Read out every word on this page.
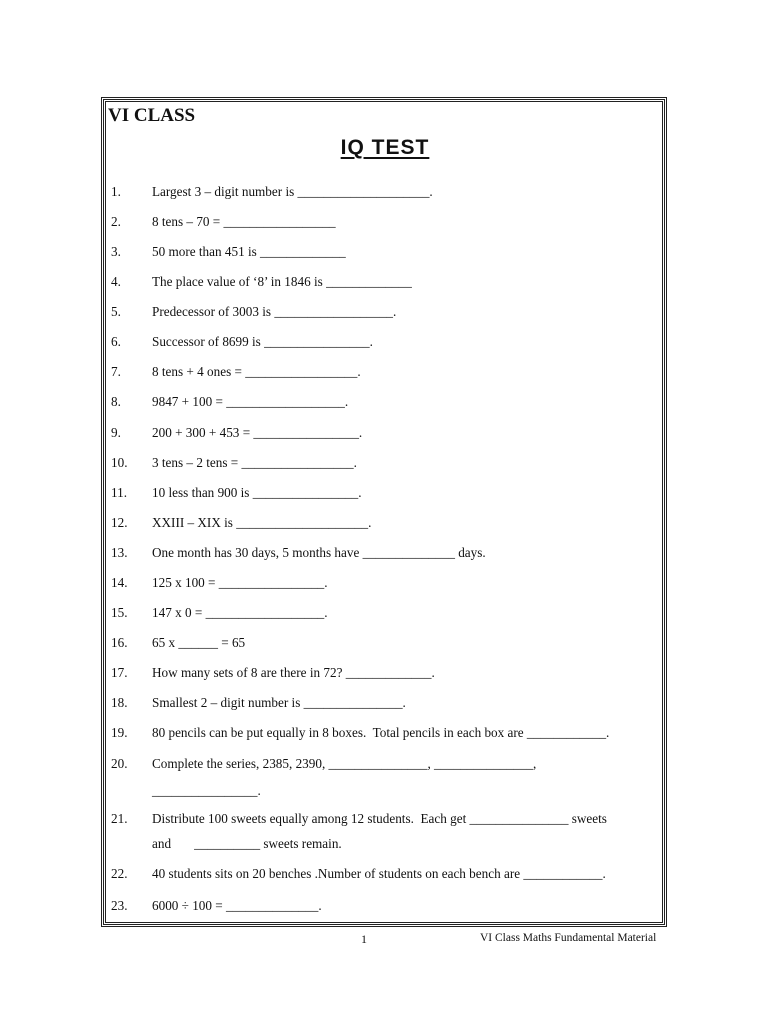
VI CLASS
IQ TEST
1. Largest 3 – digit number is ____________________.
2. 8 tens – 70 = _________________
3. 50 more than 451 is _____________
4. The place value of ‘8’ in 1846 is _____________
5. Predecessor of 3003 is __________________.
6. Successor of 8699 is ________________.
7. 8 tens + 4 ones = _________________.
8. 9847 + 100 = __________________.
9. 200 + 300 + 453 = ________________.
10. 3 tens – 2 tens = _________________.
11. 10 less than 900 is ________________.
12. XXIII – XIX is ____________________.
13. One month has 30 days, 5 months have ______________ days.
14. 125 x 100 = ________________.
15. 147 x 0 = __________________.
16. 65 x ______ = 65
17. How many sets of 8 are there in 72? _____________.
18. Smallest 2 – digit number is _______________.
19. 80 pencils can be put equally in 8 boxes.  Total pencils in each box are ____________.
20. Complete the series, 2385, 2390, _______________, _______________,
________________.
21. Distribute 100 sweets equally among 12 students.  Each get _______________ sweets
and       __________ sweets remain.
22. 40 students sits on 20 benches .Number of students on each bench are ____________.
23. 6000 ÷ 100 = ______________.
1	VI Class Maths Fundamental Material
